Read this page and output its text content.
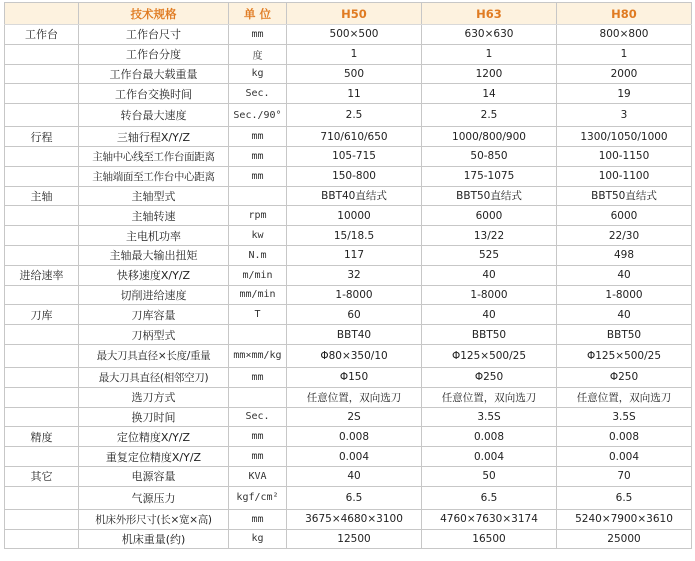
	技术规格	单 位	H50	H63	H80
工作台	工作台尺寸	mm	500×500	630×630	800×800
	工作台分度	度	1	1	1
	工作台最大载重量	kg	500	1200	2000
	工作台交换时间	Sec.	11	14	19
	转台最大速度	Sec./90°	2.5	2.5	3
行程	三轴行程X/Y/Z	mm	710/610/650	1000/800/900	1300/1050/1000
	主轴中心线至工作台面距离	mm	105-715	50-850	100-1150
	主轴端面至工作台中心距离	mm	150-800	175-1075	100-1100
主轴	主轴型式		BBT40直结式	BBT50直结式	BBT50直结式
	主轴转速	rpm	10000	6000	6000
	主电机功率	kw	15/18.5	13/22	22/30
	主轴最大输出扭矩	N.m	117	525	498
进给速率	快移速度X/Y/Z	m/min	32	40	40
	切削进给速度	mm/min	1-8000	1-8000	1-8000
刀库	刀库容量	T	60	40	40
	刀柄型式		BBT40	BBT50	BBT50
	最大刀具直径×长度/重量	mm×mm/kg	Φ80×350/10	Φ125×500/25	Φ125×500/25
	最大刀具直径(相邻空刀)	mm	Φ150	Φ250	Φ250
	选刀方式		任意位置，双向选刀	任意位置，双向选刀	任意位置，双向选刀
	换刀时间	Sec.	2S	3.5S	3.5S
精度	定位精度X/Y/Z	mm	0.008	0.008	0.008
	重复定位精度X/Y/Z	mm	0.004	0.004	0.004
其它	电源容量	KVA	40	50	70
	气源压力	kgf/cm²	6.5	6.5	6.5
	机床外形尺寸(长×宽×高)	mm	3675×4680×3100	4760×7630×3174	5240×7900×3610
	机床重量(约)	kg	12500	16500	25000
